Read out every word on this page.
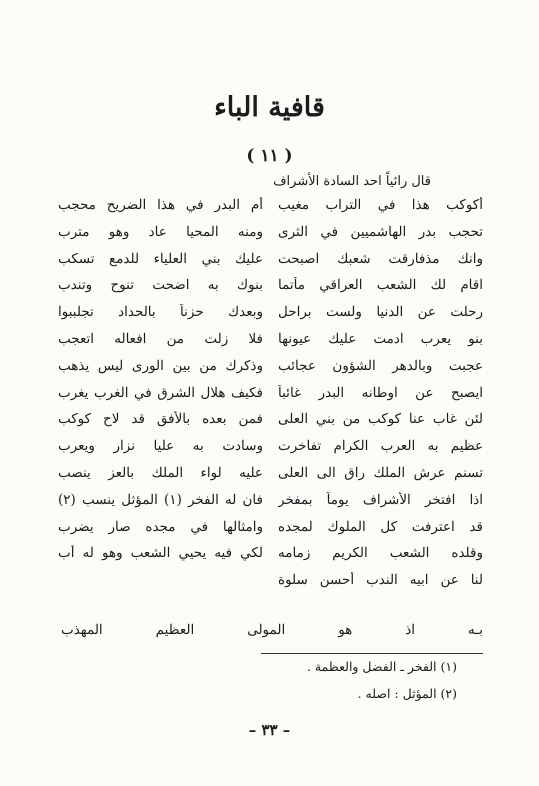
قافية الباء
( ١١ )
قال رائياً احد السادة الأشراف
أكوكب هذا في التراب مغيب
أم البدر في هذا الضريح محجب
تحجب بدر الهاشميين في الثرى
ومنه المحيا عاد وهو مترب
وانك مذفارقت شعبك اصبحت
عليك بني العلياء للدمع تسكب
اقام لك الشعب العراقي مأتما
بنوك به اضحت تنوح وتندب
رحلت عن الدنيا ولست براحل
وبعدك حزناً بالحداد تجلببوا
بنو يعرب ادمت عليك عيونها
فلا زلت من افعاله اتعجب
عجبت وبالدهر الشؤون عجائب
وذكرك من بين الورى ليس يذهب
ايصبح عن اوطانه البدر غائباً
فكيف هلال الشرق في الغرب يغرب
لئن غاب عنا كوكب من بني العلى
فمن بعده بالأفق قد لاح كوكب
عظيم به العرب الكرام تفاخرت
وسادت به عليا نزار ويعرب
تسنم عرش الملك راق الى العلى
عليه لواء الملك بالعز ينصب
اذا افتخر الأشراف يوماً بمفخر
فان له الفخر (١) المؤثل ينسب (٢)
قد اعترفت كل الملوك لمجده
وامثالها في مجده صار يضرب
وقلده الشعب الكريم زمامه
لكي فيه يحيي الشعب وهو له أب
لنا عن ابيه الندب أحسن سلوة
بـه اذ هو المولى العظيم المهذب
(١) الفخر ـ الفضل والعظمة .
(٢) المؤثل : اصله .
– ٣٣ –
